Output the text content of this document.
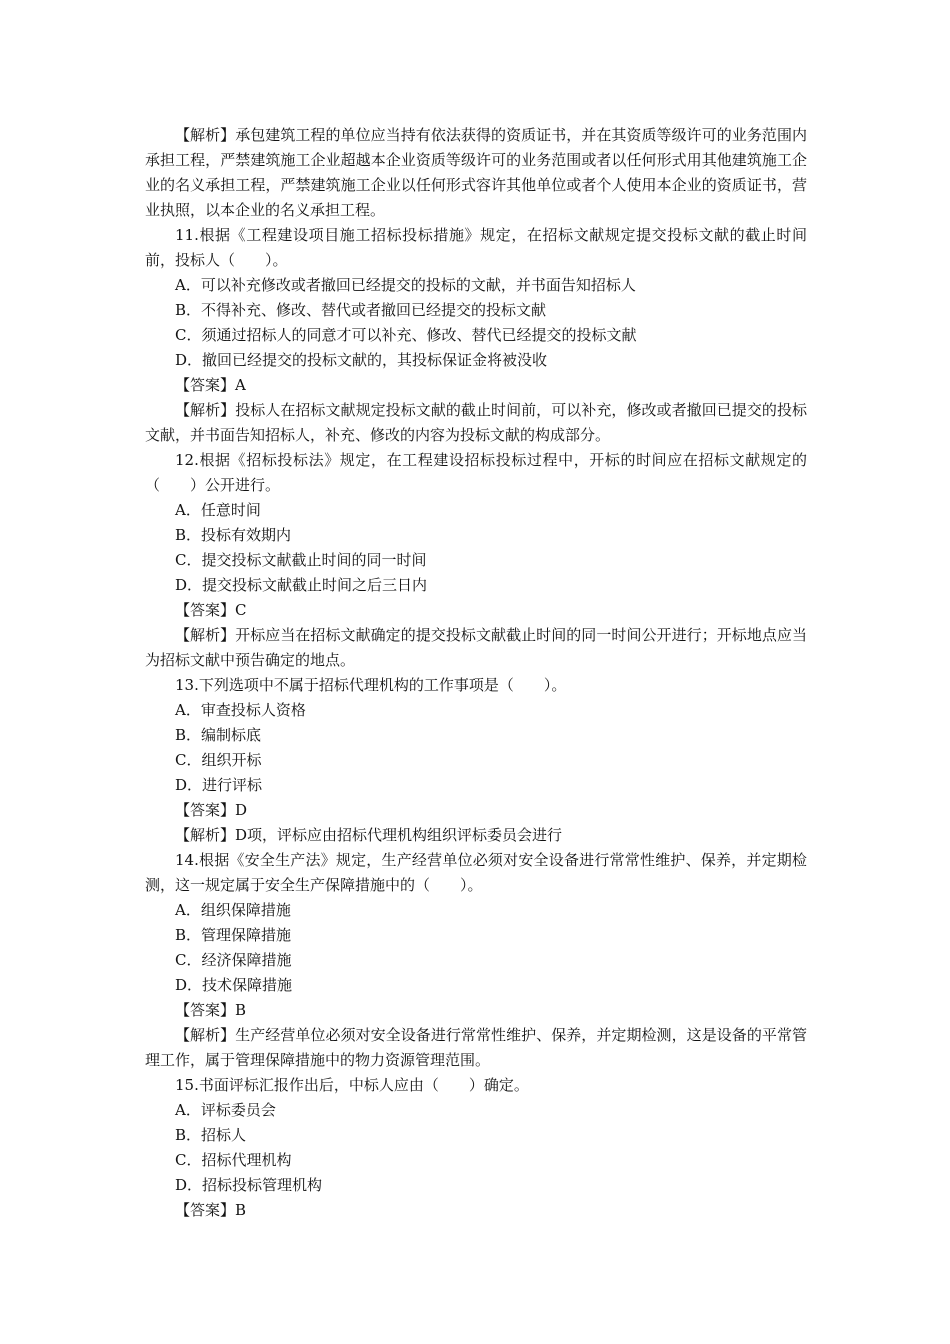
【解析】承包建筑工程的单位应当持有依法获得的资质证书，并在其资质等级许可的业务范围内承担工程，严禁建筑施工企业超越本企业资质等级许可的业务范围或者以任何形式用其他建筑施工企业的名义承担工程，严禁建筑施工企业以任何形式容许其他单位或者个人使用本企业的资质证书，营业执照，以本企业的名义承担工程。

11.根据《工程建设项目施工招标投标措施》规定，在招标文献规定提交投标文献的截止时间前，投标人（　　）。

A．可以补充修改或者撤回已经提交的投标的文献，并书面告知招标人

B．不得补充、修改、替代或者撤回已经提交的投标文献

C．须通过招标人的同意才可以补充、修改、替代已经提交的投标文献

D．撤回已经提交的投标文献的，其投标保证金将被没收

【答案】A

【解析】投标人在招标文献规定投标文献的截止时间前，可以补充，修改或者撤回已提交的投标文献，并书面告知招标人，补充、修改的内容为投标文献的构成部分。

12.根据《招标投标法》规定，在工程建设招标投标过程中，开标的时间应在招标文献规定的（　　）公开进行。

A．任意时间

B．投标有效期内

C．提交投标文献截止时间的同一时间

D．提交投标文献截止时间之后三日内

【答案】C

【解析】开标应当在招标文献确定的提交投标文献截止时间的同一时间公开进行；开标地点应当为招标文献中预告确定的地点。

13.下列选项中不属于招标代理机构的工作事项是（　　）。

A．审查投标人资格

B．编制标底

C．组织开标

D．进行评标

【答案】D

【解析】D项，评标应由招标代理机构组织评标委员会进行

14.根据《安全生产法》规定，生产经营单位必须对安全设备进行常常性维护、保养，并定期检测，这一规定属于安全生产保障措施中的（　　）。

A．组织保障措施

B．管理保障措施

C．经济保障措施

D．技术保障措施

【答案】B

【解析】生产经营单位必须对安全设备进行常常性维护、保养，并定期检测，这是设备的平常管理工作，属于管理保障措施中的物力资源管理范围。

15.书面评标汇报作出后，中标人应由（　　）确定。

A．评标委员会

B．招标人

C．招标代理机构

D．招标投标管理机构

【答案】B
